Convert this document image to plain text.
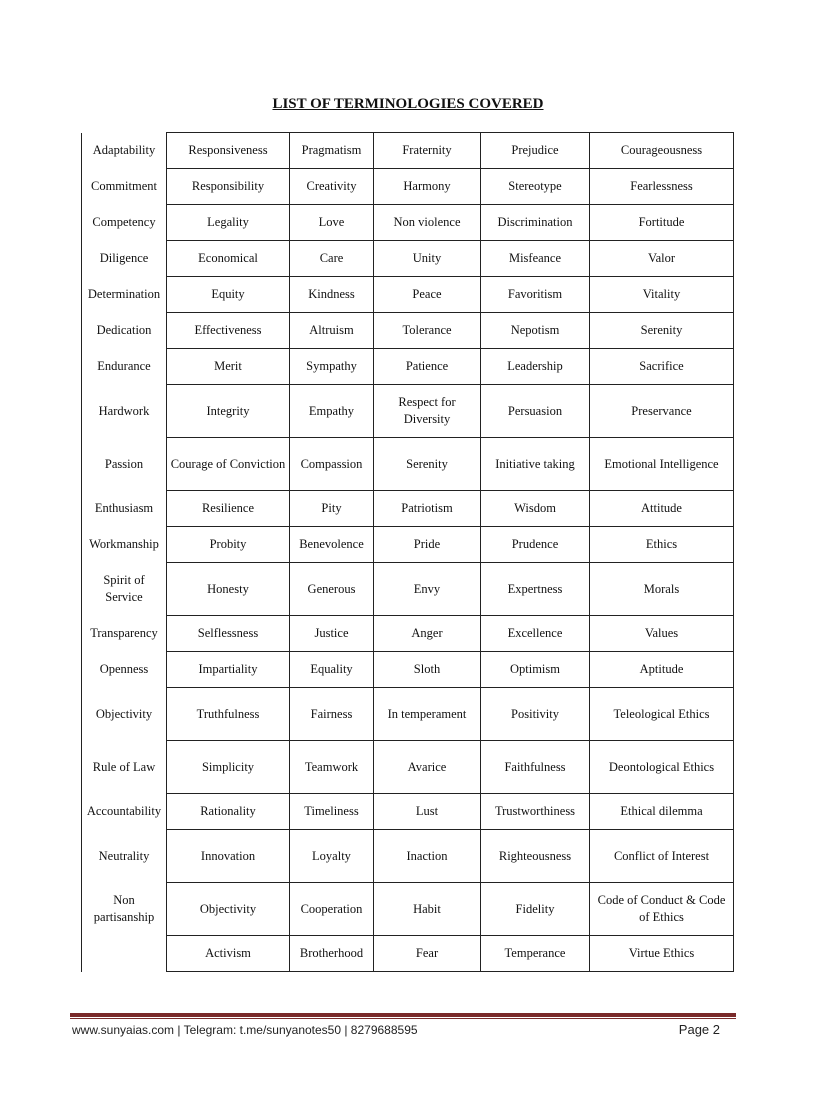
LIST OF TERMINOLOGIES COVERED
Adaptability	Responsiveness	Pragmatism	Fraternity	Prejudice	Courageousness
Commitment	Responsibility	Creativity	Harmony	Stereotype	Fearlessness
Competency	Legality	Love	Non violence	Discrimination	Fortitude
Diligence	Economical	Care	Unity	Misfeance	Valor
Determination	Equity	Kindness	Peace	Favoritism	Vitality
Dedication	Effectiveness	Altruism	Tolerance	Nepotism	Serenity
Endurance	Merit	Sympathy	Patience	Leadership	Sacrifice
Hardwork	Integrity	Empathy	Respect for Diversity	Persuasion	Preservance
Passion	Courage of Conviction	Compassion	Serenity	Initiative taking	Emotional Intelligence
Enthusiasm	Resilience	Pity	Patriotism	Wisdom	Attitude
Workmanship	Probity	Benevolence	Pride	Prudence	Ethics
Spirit of Service	Honesty	Generous	Envy	Expertness	Morals
Transparency	Selflessness	Justice	Anger	Excellence	Values
Openness	Impartiality	Equality	Sloth	Optimism	Aptitude
Objectivity	Truthfulness	Fairness	In temperament	Positivity	Teleological Ethics
Rule of Law	Simplicity	Teamwork	Avarice	Faithfulness	Deontological Ethics
Accountability	Rationality	Timeliness	Lust	Trustworthiness	Ethical dilemma
Neutrality	Innovation	Loyalty	Inaction	Righteousness	Conflict of Interest
Non partisanship	Objectivity	Cooperation	Habit	Fidelity	Code of Conduct & Code of Ethics
	Activism	Brotherhood	Fear	Temperance	Virtue Ethics
www.sunyaias.com | Telegram: t.me/sunyanotes50 | 8279688595	Page 2
